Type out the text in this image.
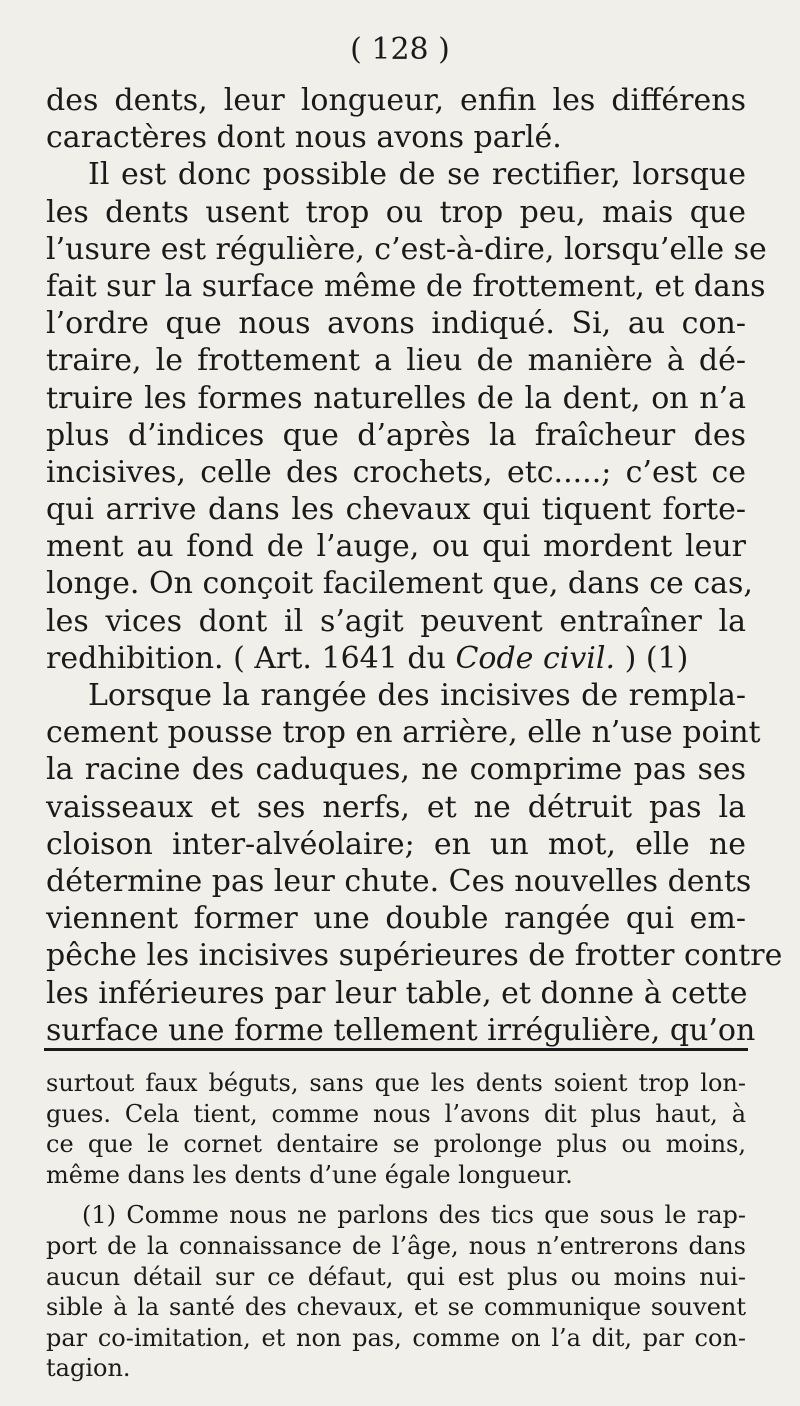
( 128 )
des dents, leur longueur, enfin les différens
caractères dont nous avons parlé.
Il est donc possible de se rectifier, lorsque
les dents usent trop ou trop peu, mais que
l’usure est régulière, c’est-à-dire, lorsqu’elle se
fait sur la surface même de frottement, et dans
l’ordre que nous avons indiqué. Si, au con-
traire, le frottement a lieu de manière à dé-
truire les formes naturelles de la dent, on n’a
plus d’indices que d’après la fraîcheur des
incisives, celle des crochets, etc.....; c’est ce
qui arrive dans les chevaux qui tiquent forte-
ment au fond de l’auge, ou qui mordent leur
longe. On conçoit facilement que, dans ce cas,
les vices dont il s’agit peuvent entraîner la
redhibition. ( Art. 1641 du Code civil. ) (1)
Lorsque la rangée des incisives de rempla-
cement pousse trop en arrière, elle n’use point
la racine des caduques, ne comprime pas ses
vaisseaux et ses nerfs, et ne détruit pas la
cloison inter-alvéolaire; en un mot, elle ne
détermine pas leur chute. Ces nouvelles dents
viennent former une double rangée qui em-
pêche les incisives supérieures de frotter contre
les inférieures par leur table, et donne à cette
surface une forme tellement irrégulière, qu’on
surtout faux béguts, sans que les dents soient trop lon-
gues. Cela tient, comme nous l’avons dit plus haut, à
ce que le cornet dentaire se prolonge plus ou moins,
même dans les dents d’une égale longueur.
(1) Comme nous ne parlons des tics que sous le rap-
port de la connaissance de l’âge, nous n’entrerons dans
aucun détail sur ce défaut, qui est plus ou moins nui-
sible à la santé des chevaux, et se communique souvent
par co-imitation, et non pas, comme on l’a dit, par con-
tagion.
